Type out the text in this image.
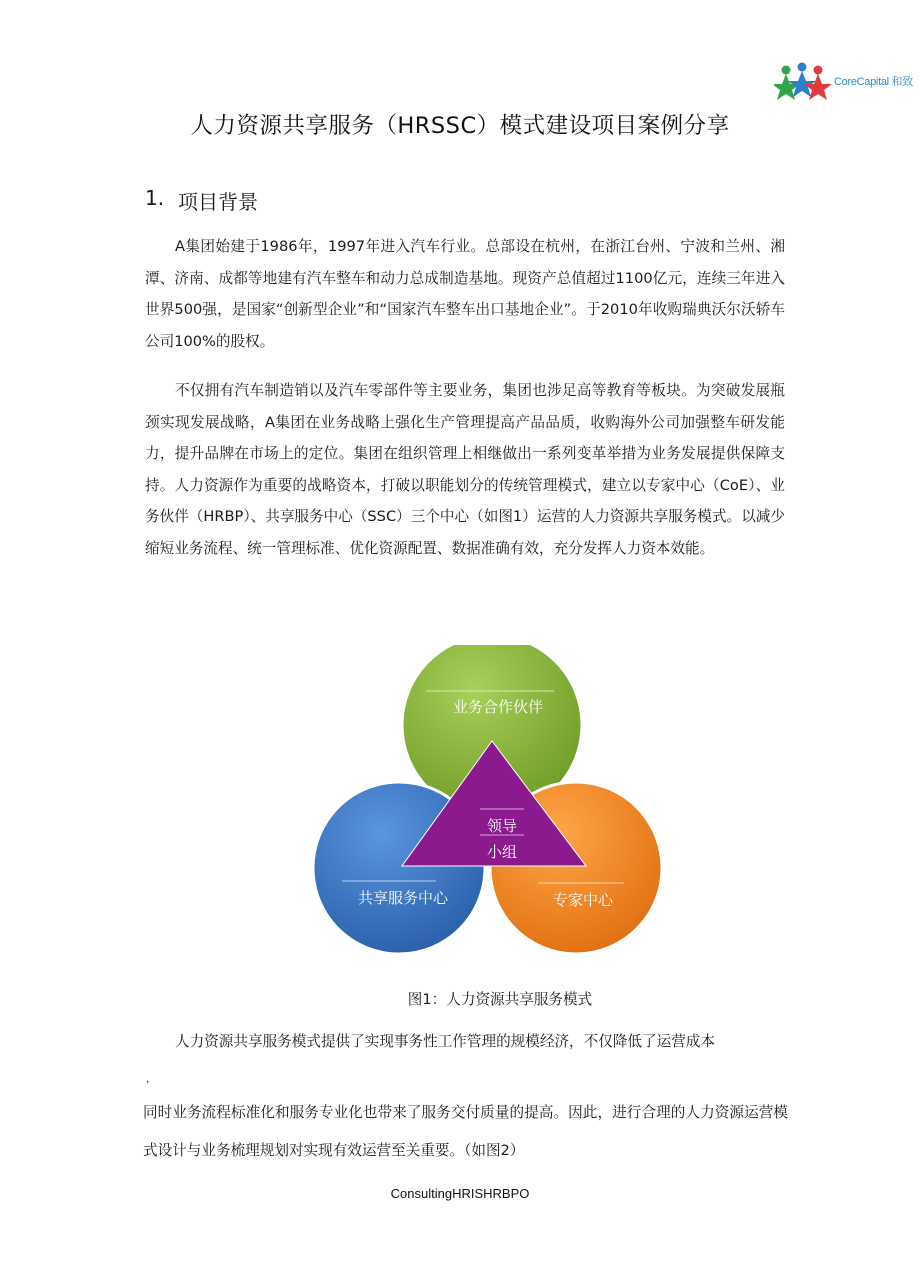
CoreCapital 和致
人力资源共享服务（HRSSC）模式建设项目案例分享
1. 项目背景

A集团始建于1986年，1997年进入汽车行业。总部设在杭州，在浙江台州、宁波和兰州、湘潭、济南、成都等地建有汽车整车和动力总成制造基地。现资产总值超过1100亿元，连续三年进入世界500强，是国家“创新型企业”和“国家汽车整车出口基地企业”。于2010年收购瑞典沃尔沃轿车公司100%的股权。

不仅拥有汽车制造销以及汽车零部件等主要业务，集团也涉足高等教育等板块。为突破发展瓶颈实现发展战略，A集团在业务战略上强化生产管理提高产品品质，收购海外公司加强整车研发能力，提升品牌在市场上的定位。集团在组织管理上相继做出一系列变革举措为业务发展提供保障支持。人力资源作为重要的战略资本，打破以职能划分的传统管理模式，建立以专家中心（CoE）、业务伙伴（HRBP）、共享服务中心（SSC）三个中心（如图1）运营的人力资源共享服务模式。以减少缩短业务流程、统一管理标准、优化资源配置、数据准确有效，充分发挥人力资本效能。

业务合作伙伴
共享服务中心	专家中心
领导
小组
图1：人力资源共享服务模式

人力资源共享服务模式提供了实现事务性工作管理的规模经济，不仅降低了运营成本

，

同时业务流程标准化和服务专业化也带来了服务交付质量的提高。因此，进行合理的人力资源运营模式设计与业务梳理规划对实现有效运营至关重要。（如图2）

ConsultingHRISHRBPO
